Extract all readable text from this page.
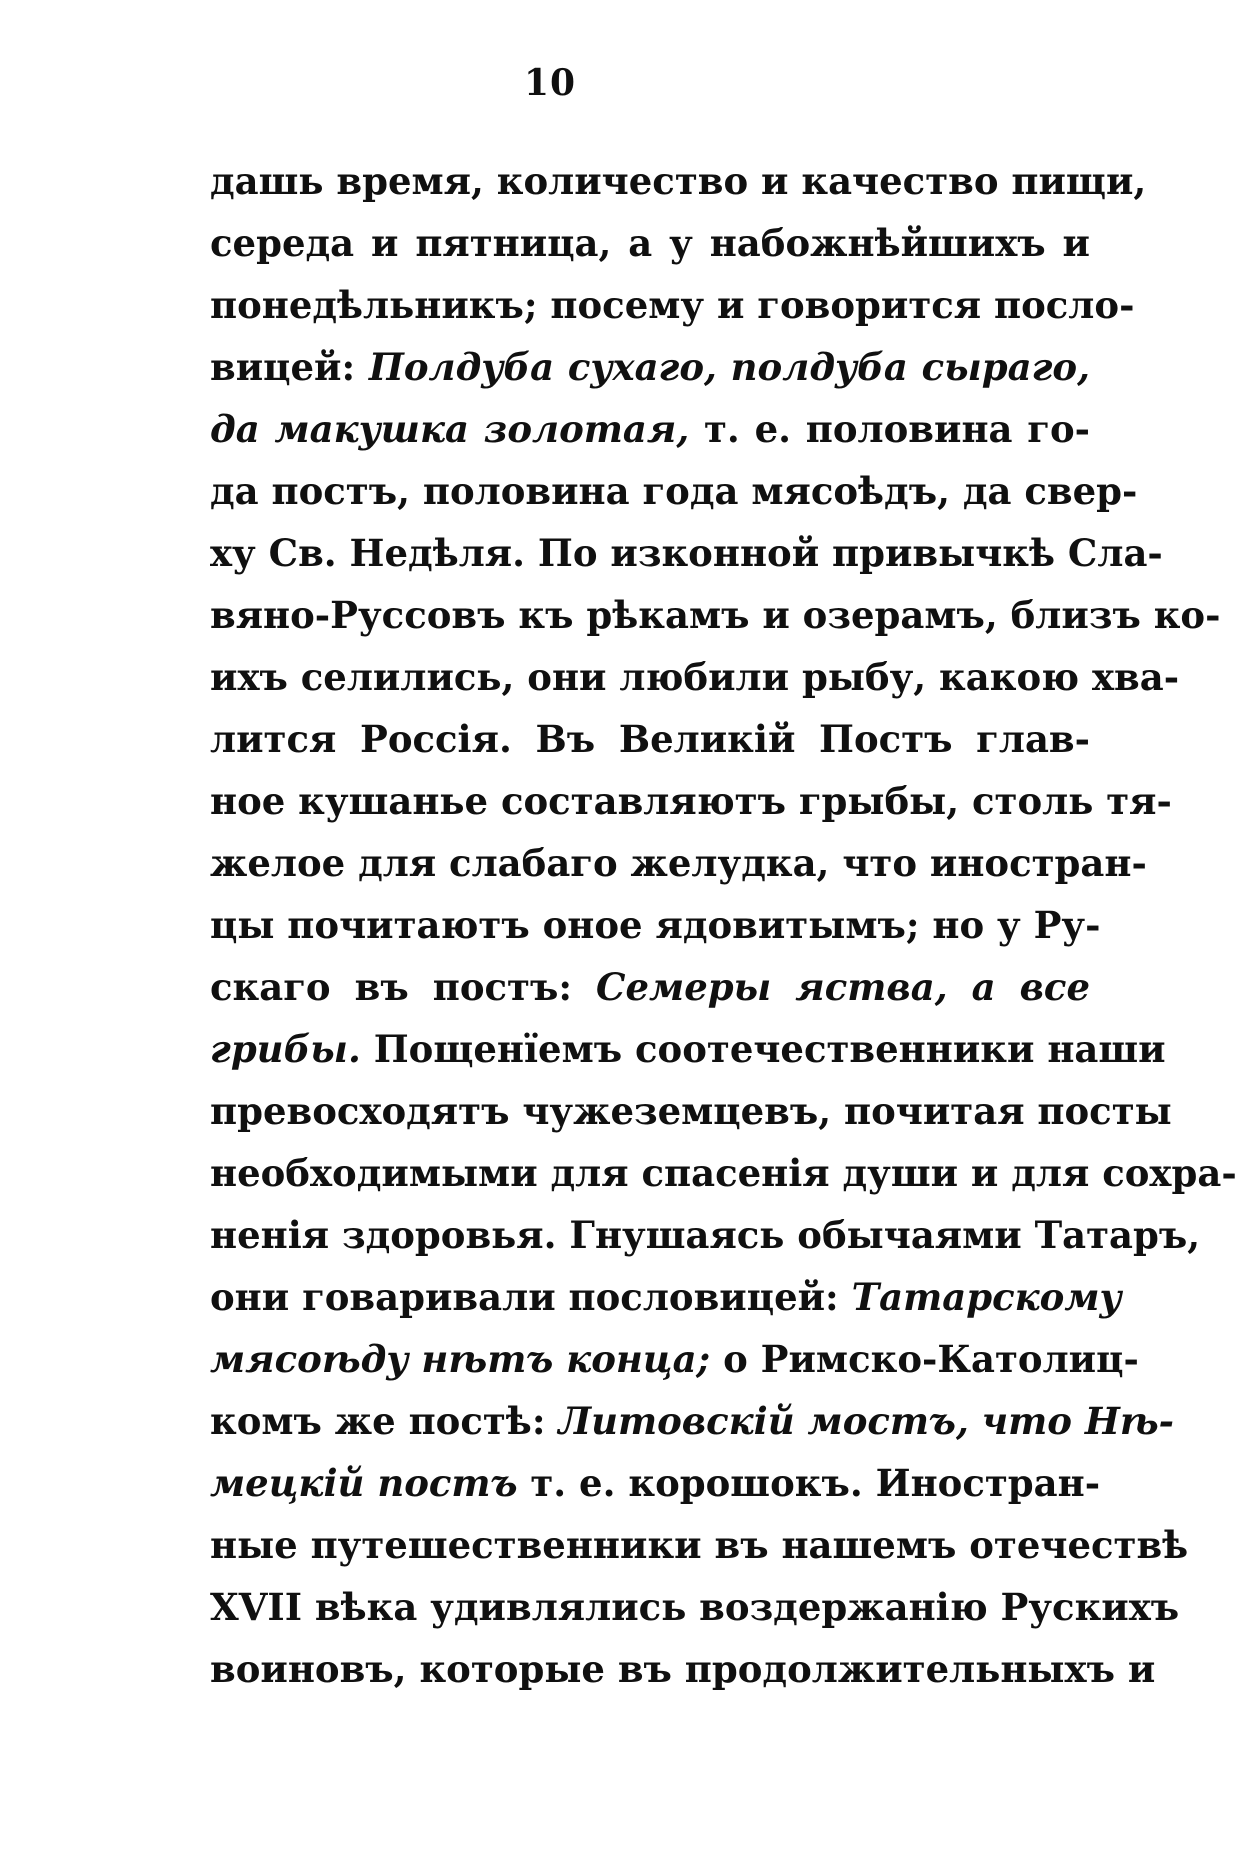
10
дашь время, количество и качество пищи,
середа и пятница, а у набожнѣйшихъ и
понедѣльникъ; посему и говорится посло-
вицей: Полдуба сухаго, полдуба сыраго,
да макушка золотая, т. е. половина го-
да постъ, половина года мясоѣдъ, да свер-
ху Св. Недѣля. По изконной привычкѣ Сла-
вяно-Руссовъ къ рѣкамъ и озерамъ, близъ ко-
ихъ селились, они любили рыбу, какою хва-
лится Россія. Въ Великій Постъ глав-
ное кушанье составляютъ грыбы, столь тя-
желое для слабаго желудка, что иностран-
цы почитаютъ оное ядовитымъ; но у Ру-
скаго въ постъ: Семеры яства, а все
грибы. Пощенïемъ соотечественники наши
превосходятъ чужеземцевъ, почитая посты
необходимыми для спасенія души и для сохра-
ненія здоровья. Гнушаясь обычаями Татаръ,
они говаривали пословицей: Татарскому
мясоѣду нѣтъ конца; о Римско-Католиц-
комъ же постѣ: Литовскій мостъ, что Нѣ-
мецкій постъ т. е. корошокъ. Иностран-
ные путешественники въ нашемъ отечествѣ
XVII вѣка удивлялись воздержанію Рускихъ
воиновъ, которые въ продолжительныхъ и
